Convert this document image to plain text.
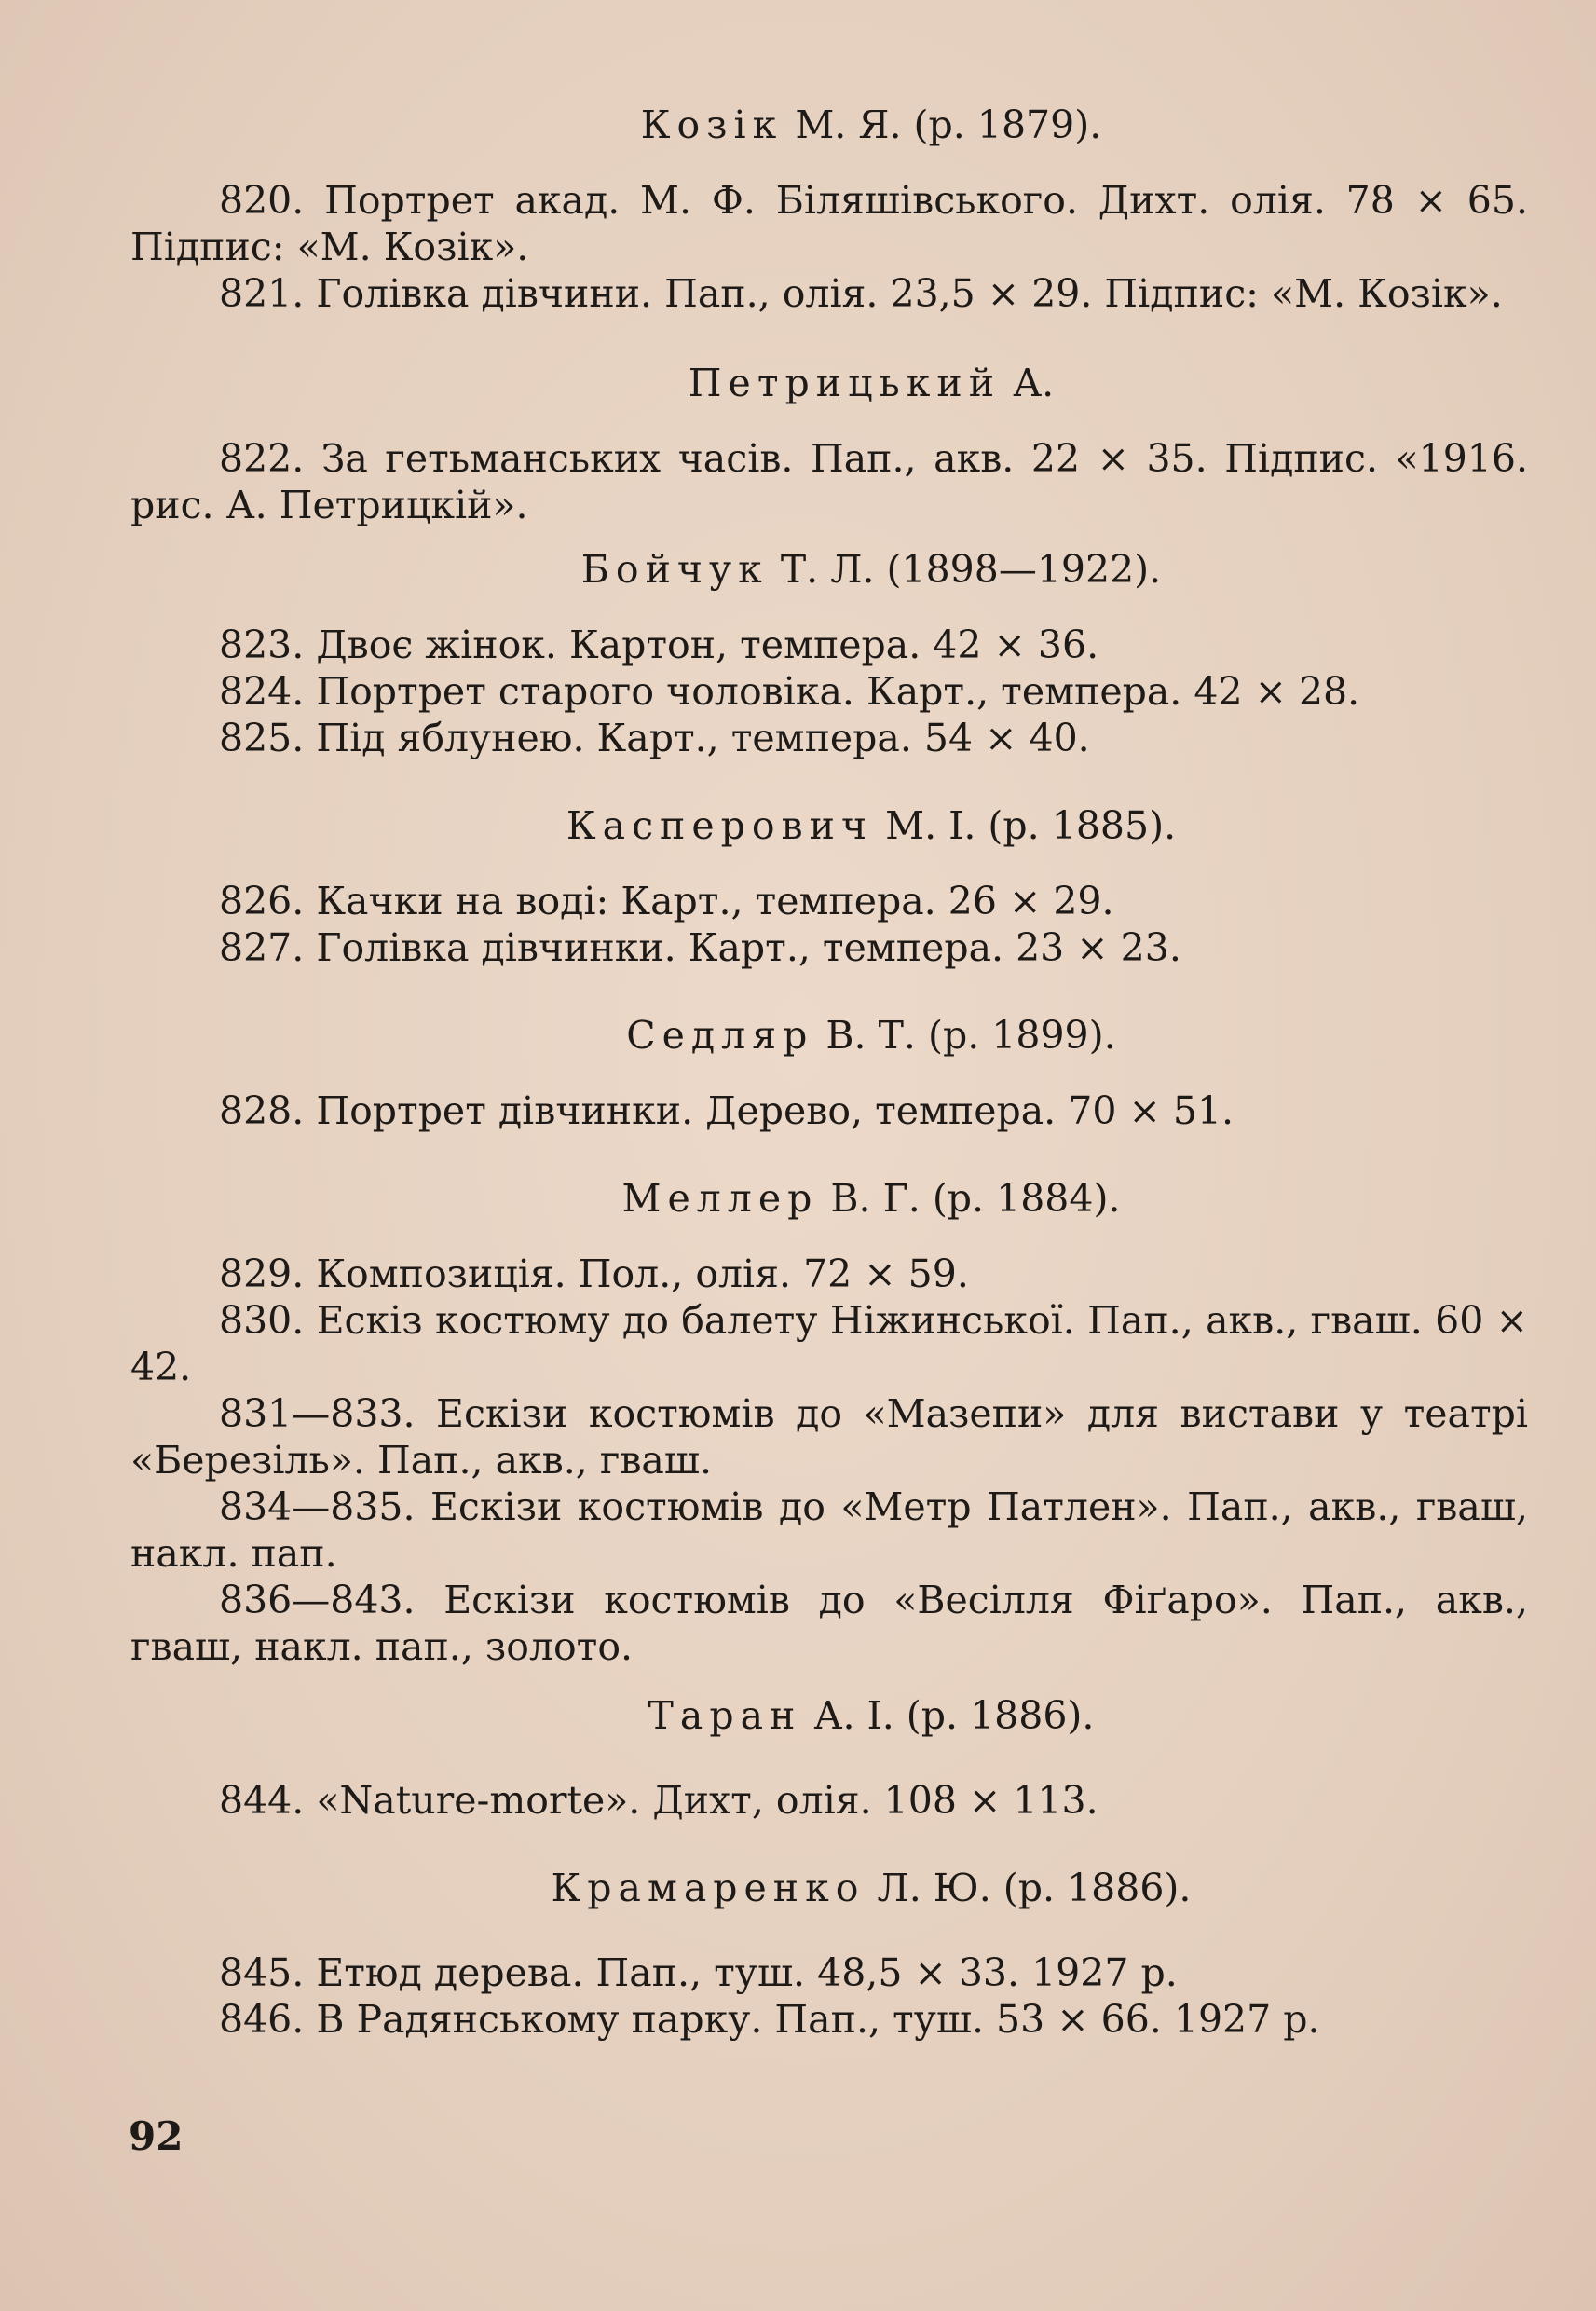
Козік М. Я. (р. 1879).

820. Портрет акад. М. Ф. Біляшівського. Дихт. олія. 78 ⨯ 65. Підпис: «М. Козік».

821. Голівка дівчини. Пап., олія. 23,5 ⨯ 29. Підпис: «М. Козік».

Петрицький А.

822. За гетьманських часів. Пап., акв. 22 ⨯ 35. Підпис. «1916. рис. А. Петрицкій».

Бойчук Т. Л. (1898—1922).

823. Двоє жінок. Картон, темпера. 42 ⨯ 36.

824. Портрет старого чоловіка. Карт., темпера. 42 ⨯ 28.

825. Під яблунею. Карт., темпера. 54 ⨯ 40.

Касперович М. І. (р. 1885).

826. Качки на воді: Карт., темпера. 26 ⨯ 29.

827. Голівка дівчинки. Карт., темпера. 23 ⨯ 23.

Седляр В. Т. (р. 1899).

828. Портрет дівчинки. Дерево, темпера. 70 ⨯ 51.

Меллер В. Г. (р. 1884).

829. Композиція. Пол., олія. 72 ⨯ 59.

830. Ескіз костюму до балету Ніжинської. Пап., акв., гваш. 60 ⨯ 42.

831—833. Ескізи костюмів до «Мазепи» для вистави у театрі «Березіль». Пап., акв., гваш.

834—835. Ескізи костюмів до «Метр Патлен». Пап., акв., гваш, накл. пап.

836—843. Ескізи костюмів до «Весілля Фіґаро». Пап., акв., гваш, накл. пап., золото.

Таран А. І. (р. 1886).

844. «Nature-morte». Дихт, олія. 108 ⨯ 113.

Крамаренко Л. Ю. (р. 1886).

845. Етюд дерева. Пап., туш. 48,5 ⨯ 33. 1927 р.

846. В Радянському парку. Пап., туш. 53 ⨯ 66. 1927 р.

92
